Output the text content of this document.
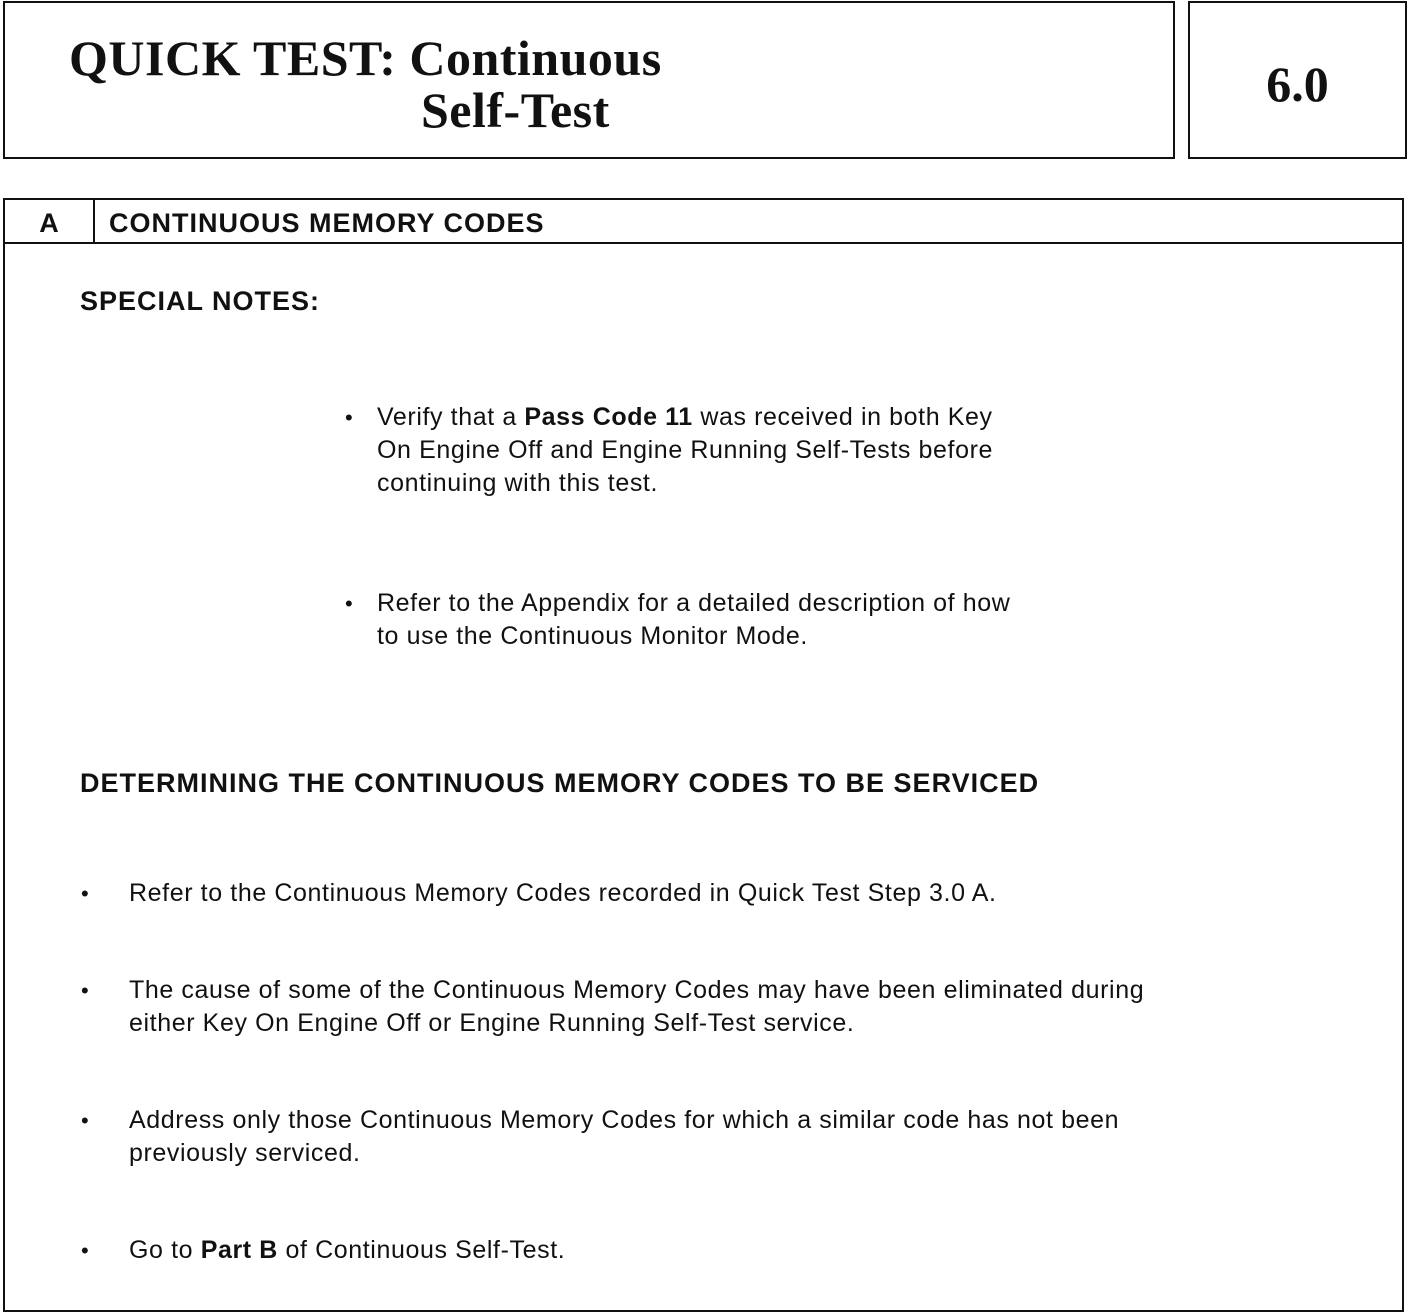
QUICK TEST: Continuous
Self-Test	6.0
A	CONTINUOUS MEMORY CODES
SPECIAL NOTES:
• Verify that a Pass Code 11 was received in both Key
On Engine Off and Engine Running Self-Tests before
continuing with this test.
• Refer to the Appendix for a detailed description of how
to use the Continuous Monitor Mode.
DETERMINING THE CONTINUOUS MEMORY CODES TO BE SERVICED
• Refer to the Continuous Memory Codes recorded in Quick Test Step 3.0 A.
• The cause of some of the Continuous Memory Codes may have been eliminated during
either Key On Engine Off or Engine Running Self-Test service.
• Address only those Continuous Memory Codes for which a similar code has not been
previously serviced.
• Go to Part B of Continuous Self-Test.
